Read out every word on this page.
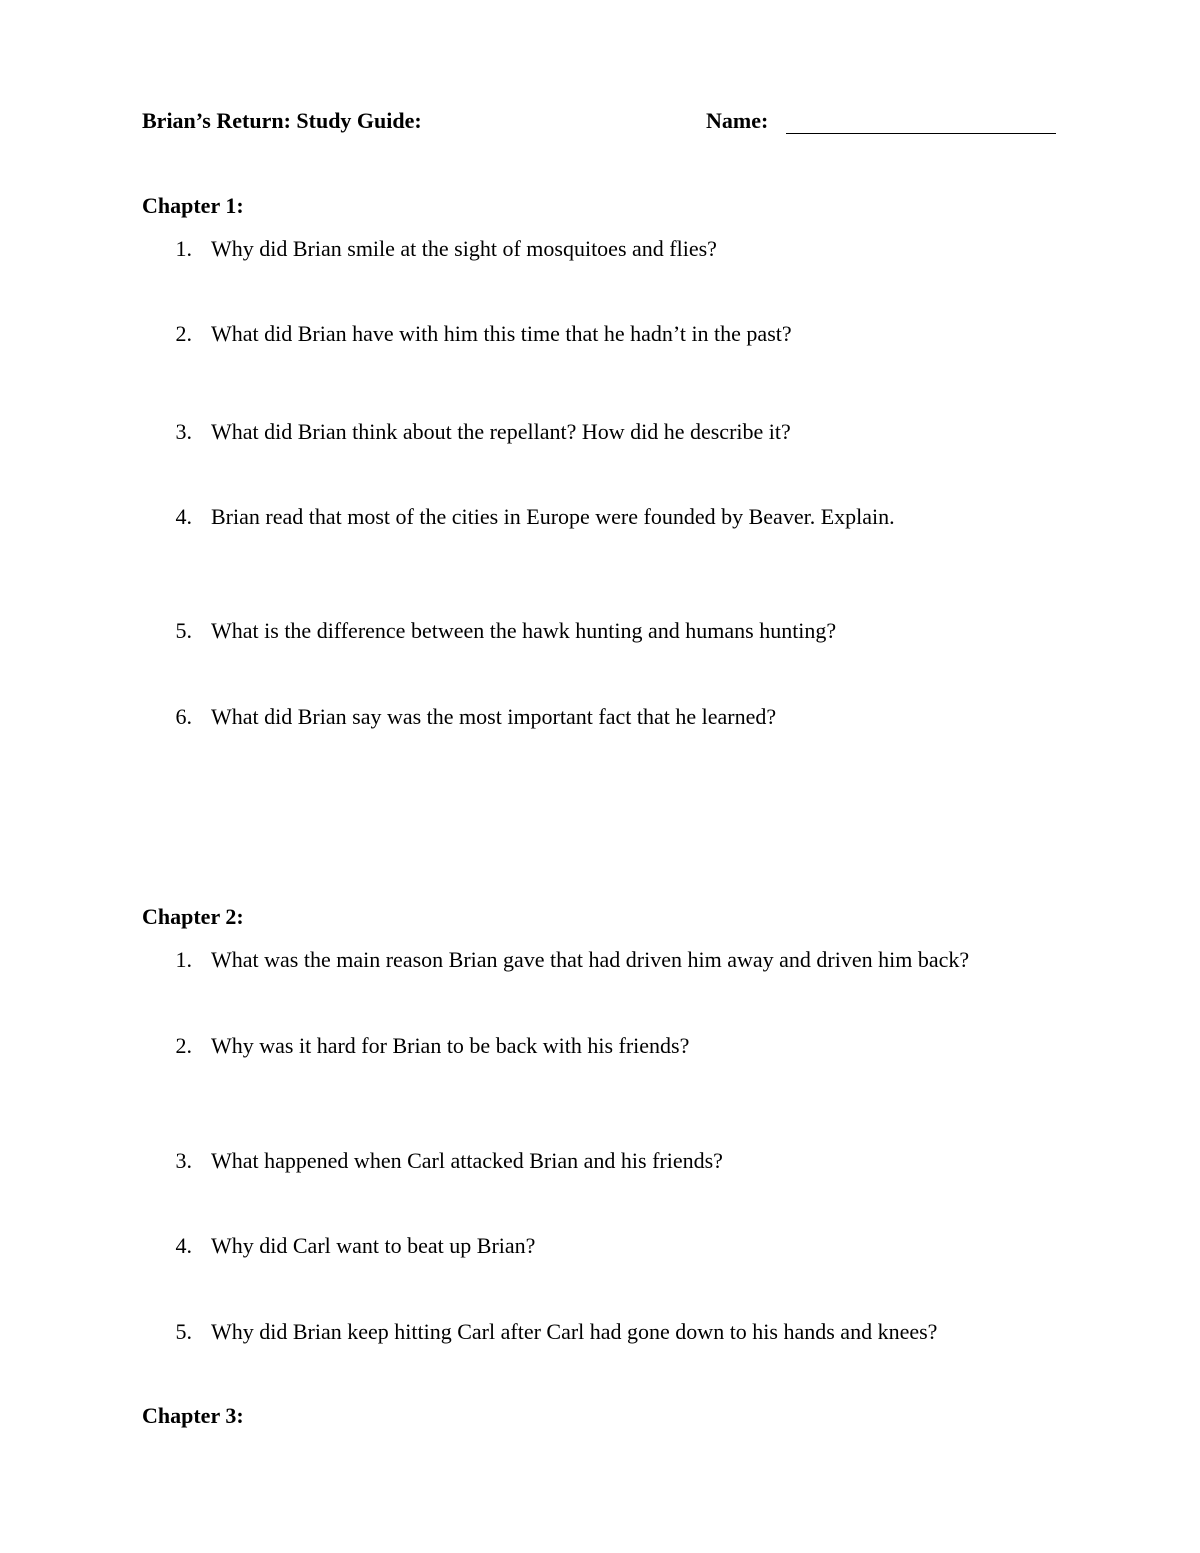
Brian’s Return: Study Guide:	Name:
Chapter 1:
1. Why did Brian smile at the sight of mosquitoes and flies?
2. What did Brian have with him this time that he hadn’t in the past?
3. What did Brian think about the repellant? How did he describe it?
4. Brian read that most of the cities in Europe were founded by Beaver. Explain.
5. What is the difference between the hawk hunting and humans hunting?
6. What did Brian say was the most important fact that he learned?
Chapter 2:
1. What was the main reason Brian gave that had driven him away and driven him back?
2. Why was it hard for Brian to be back with his friends?
3. What happened when Carl attacked Brian and his friends?
4. Why did Carl want to beat up Brian?
5. Why did Brian keep hitting Carl after Carl had gone down to his hands and knees?
Chapter 3:
